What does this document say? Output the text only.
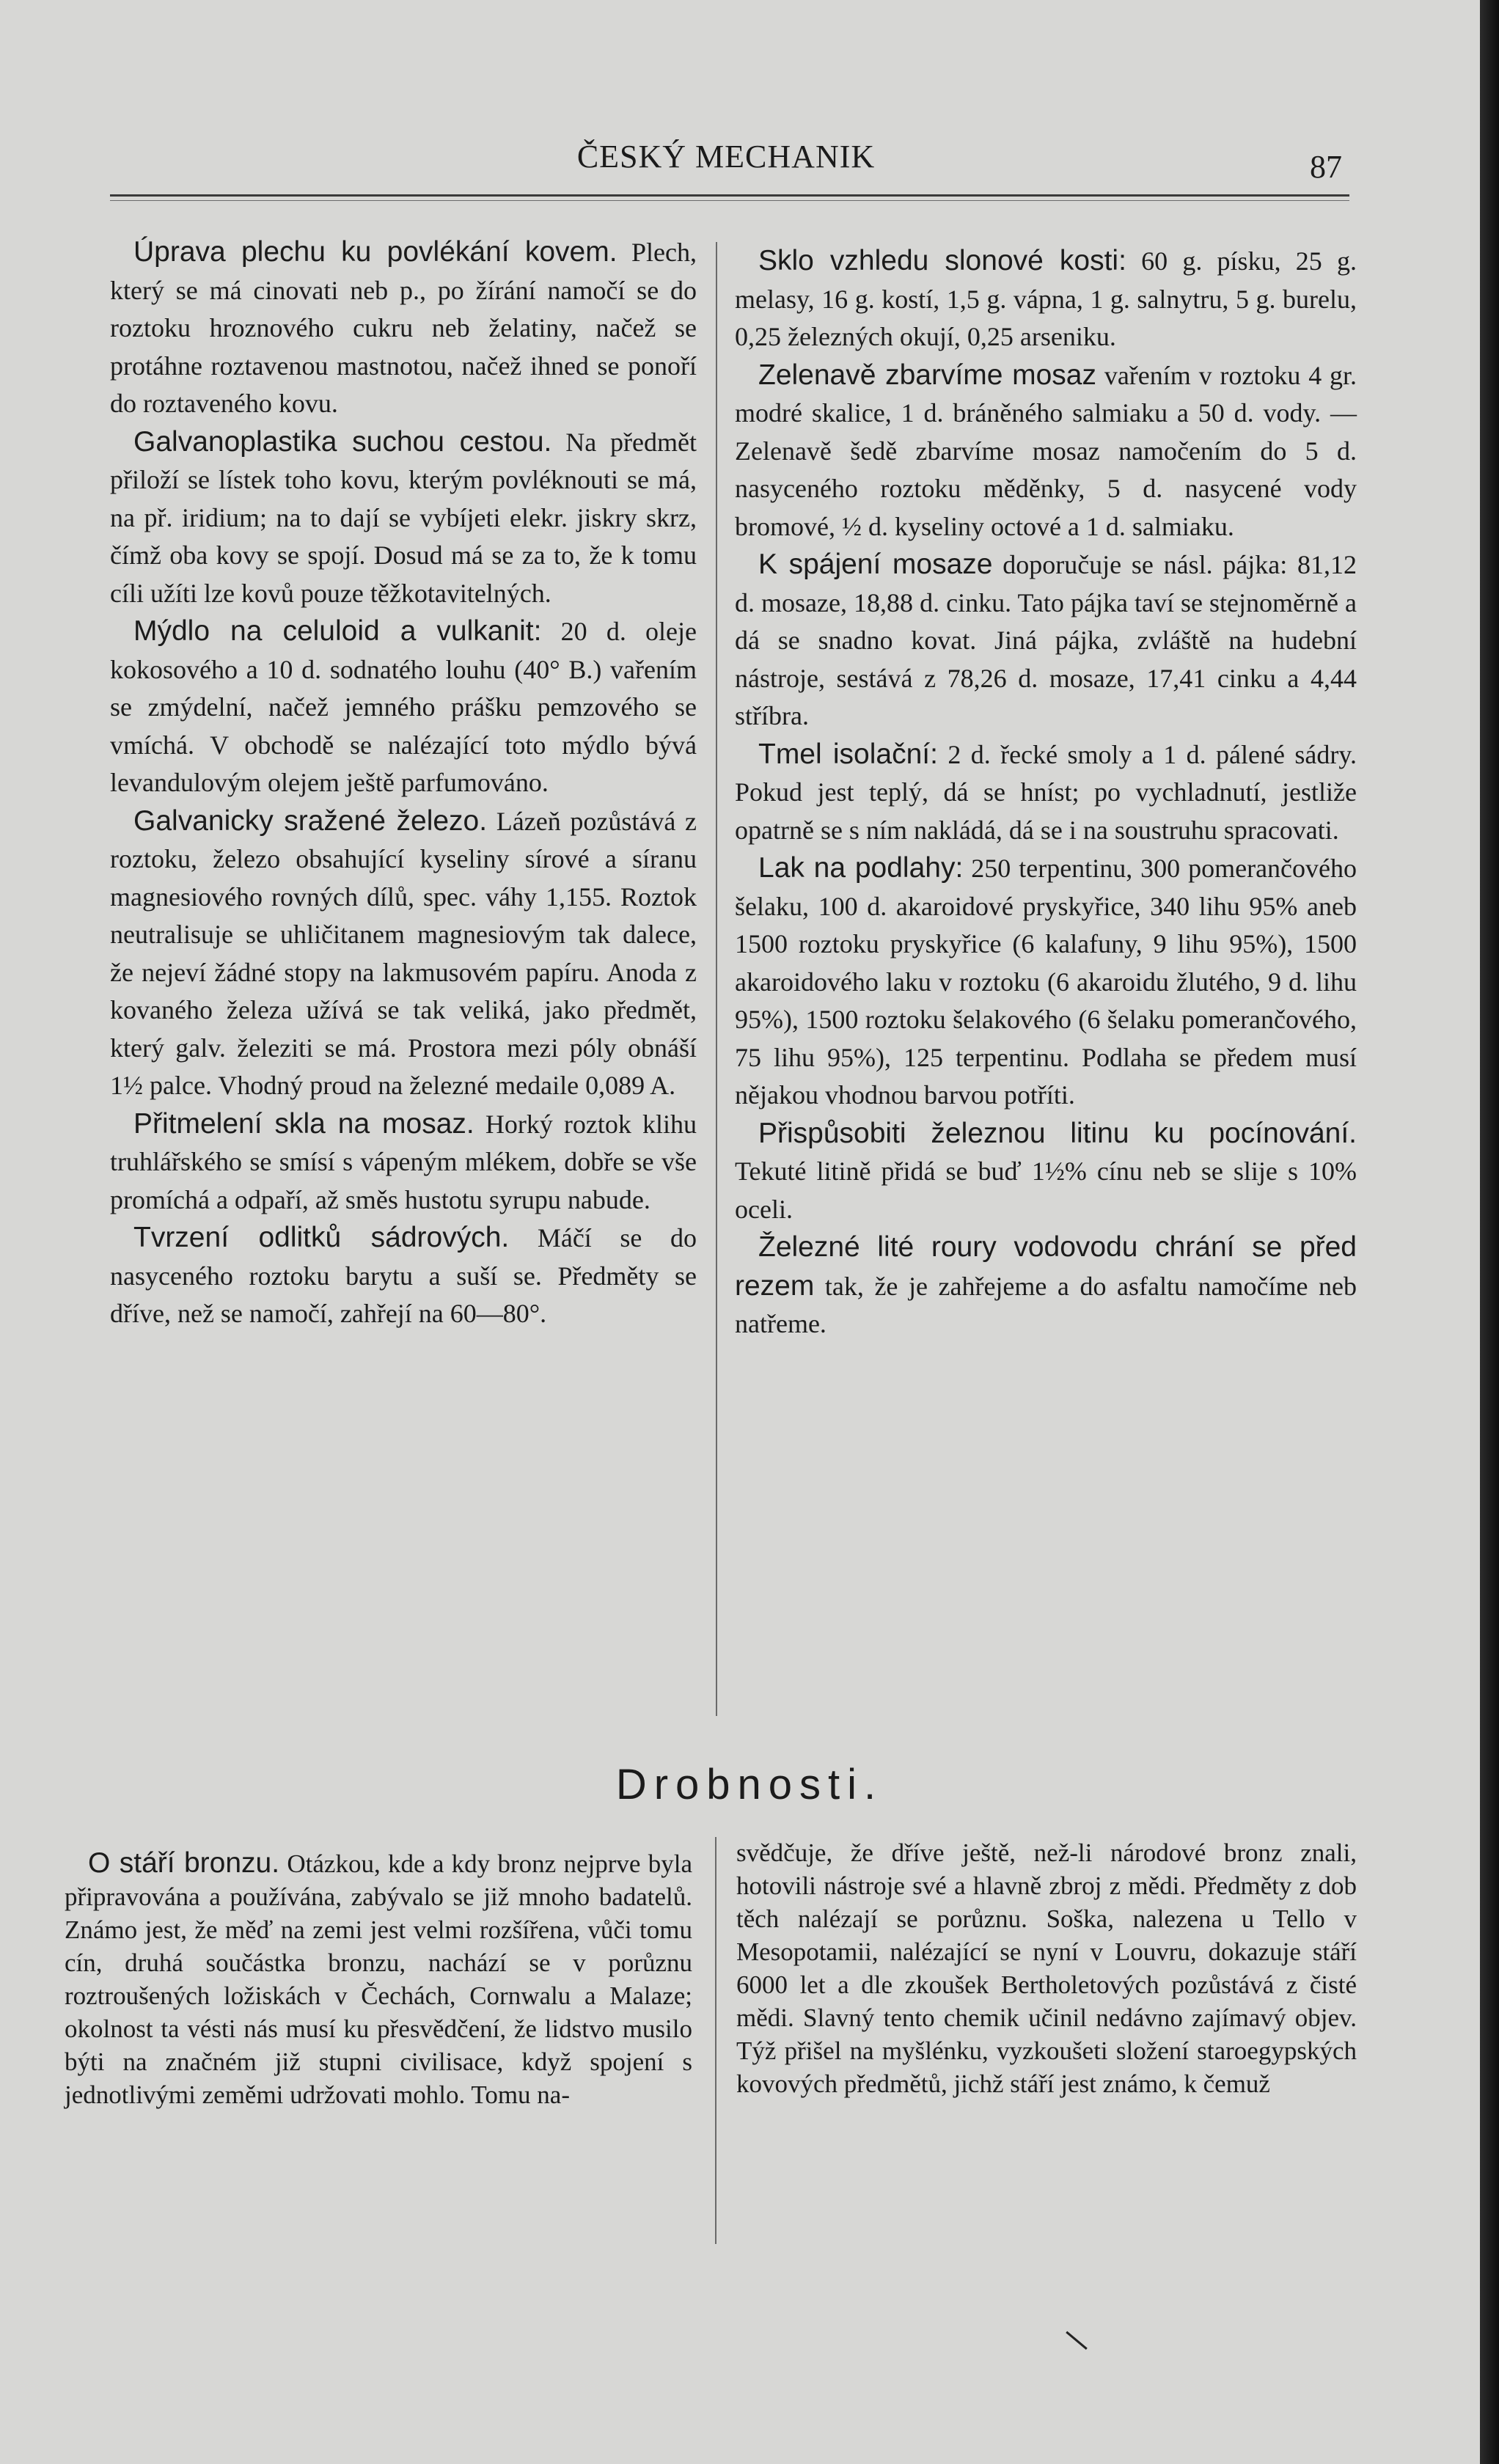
ČESKÝ MECHANIK	87

Úprava plechu ku povlékání kovem. Plech, který se má cinovati neb p., po žírání namočí se do roztoku hroznového cukru neb želatiny, načež se protáhne roztavenou mastnotou, načež ihned se ponoří do roztaveného kovu.

Galvanoplastika suchou cestou. Na předmět přiloží se lístek toho kovu, kterým povléknouti se má, na př. iridium; na to dají se vybíjeti elekr. jiskry skrz, čímž oba kovy se spojí. Dosud má se za to, že k tomu cíli užíti lze kovů pouze těžkotavitelných.

Mýdlo na celuloid a vulkanit: 20 d. oleje kokosového a 10 d. sodnatého louhu (40° B.) vařením se zmýdelní, načež jemného prášku pemzového se vmíchá. V obchodě se nalézající toto mýdlo bývá levandulovým olejem ještě parfumováno.

Galvanicky sražené železo. Lázeň pozůstává z roztoku, železo obsahující kyseliny sírové a síranu magnesiového rovných dílů, spec. váhy 1,155. Roztok neutralisuje se uhličitanem magnesiovým tak dalece, že nejeví žádné stopy na lakmusovém papíru. Anoda z kovaného železa užívá se tak veliká, jako předmět, který galv. železiti se má. Prostora mezi póly obnáší 1½ palce. Vhodný proud na železné medaile 0,089 A.

Přitmelení skla na mosaz. Horký roztok klihu truhlářského se smísí s vápeným mlékem, dobře se vše promíchá a odpaří, až směs hustotu syrupu nabude.

Tvrzení odlitků sádrových. Máčí se do nasyceného roztoku barytu a suší se. Předměty se dříve, než se namočí, zahřejí na 60—80°.

Sklo vzhledu slonové kosti: 60 g. písku, 25 g. melasy, 16 g. kostí, 1,5 g. vápna, 1 g. salnytru, 5 g. burelu, 0,25 železných okují, 0,25 arseniku.

Zelenavě zbarvíme mosaz vařením v roztoku 4 gr. modré skalice, 1 d. bráněného salmiaku a 50 d. vody. — Zelenavě šedě zbarvíme mosaz namočením do 5 d. nasyceného roztoku měděnky, 5 d. nasycené vody bromové, ½ d. kyseliny octové a 1 d. salmiaku.

K spájení mosaze doporučuje se násl. pájka: 81,12 d. mosaze, 18,88 d. cinku. Tato pájka taví se stejnoměrně a dá se snadno kovat. Jiná pájka, zvláště na hudební nástroje, sestává z 78,26 d. mosaze, 17,41 cinku a 4,44 stříbra.

Tmel isolační: 2 d. řecké smoly a 1 d. pálené sádry. Pokud jest teplý, dá se hníst; po vychladnutí, jestliže opatrně se s ním nakládá, dá se i na soustruhu spracovati.

Lak na podlahy: 250 terpentinu, 300 pomerančového šelaku, 100 d. akaroidové pryskyřice, 340 lihu 95% aneb 1500 roztoku pryskyřice (6 kalafuny, 9 lihu 95%), 1500 akaroidového laku v roztoku (6 akaroidu žlutého, 9 d. lihu 95%), 1500 roztoku šelakového (6 šelaku pomerančového, 75 lihu 95%), 125 terpentinu. Podlaha se předem musí nějakou vhodnou barvou potříti.

Přispůsobiti železnou litinu ku pocínování. Tekuté litině přidá se buď 1½% cínu neb se slije s 10% oceli.

Železné lité roury vodovodu chrání se před rezem tak, že je zahřejeme a do asfaltu namočíme neb natřeme.

Drobnosti.

O stáří bronzu. Otázkou, kde a kdy bronz nejprve byla připravována a používána, zabývalo se již mnoho badatelů. Známo jest, že měď na zemi jest velmi rozšířena, vůči tomu cín, druhá součástka bronzu, nachází se v porůznu roztroušených ložiskách v Čechách, Cornwalu a Malaze; okolnost ta vésti nás musí ku přesvědčení, že lidstvo musilo býti na značném již stupni civilisace, když spojení s jednotlivými zeměmi udržovati mohlo. Tomu na-

svědčuje, že dříve ještě, než-li národové bronz znali, hotovili nástroje své a hlavně zbroj z mědi. Předměty z dob těch nalézají se porůznu. Soška, nalezena u Tello v Mesopotamii, nalézající se nyní v Louvru, dokazuje stáří 6000 let a dle zkoušek Bertholetových pozůstává z čisté mědi. Slavný tento chemik učinil nedávno zajímavý objev. Týž přišel na myšlénku, vyzkoušeti složení staroegypských kovových předmětů, jichž stáří jest známo, k čemuž
